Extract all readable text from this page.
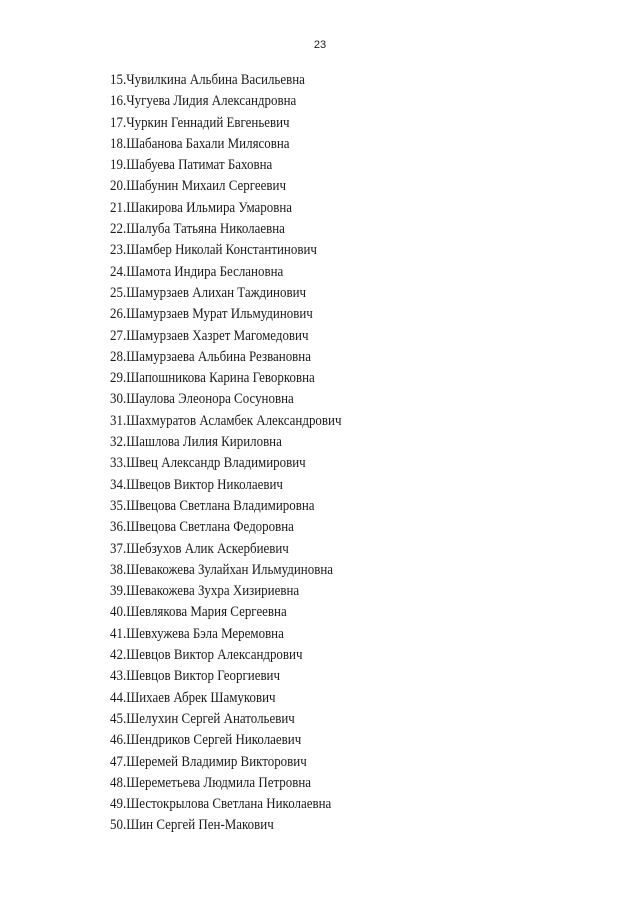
23
15.Чувилкина Альбина Васильевна
16.Чугуева Лидия Александровна
17.Чуркин Геннадий Евгеньевич
18.Шабанова Бахали Милясовна
19.Шабуева Патимат Баховна
20.Шабунин Михаил Сергеевич
21.Шакирова Ильмира Умаровна
22.Шалуба Татьяна Николаевна
23.Шамбер Николай Константинович
24.Шамота Индира Беслановна
25.Шамурзаев Алихан Таждинович
26.Шамурзаев Мурат Ильмудинович
27.Шамурзаев Хазрет Магомедович
28.Шамурзаева Альбина Резвановна
29.Шапошникова Карина Геворковна
30.Шаулова Элеонора Сосуновна
31.Шахмуратов Асламбек Александрович
32.Шашлова Лилия Кириловна
33.Швец Александр Владимирович
34.Швецов Виктор Николаевич
35.Швецова Светлана Владимировна
36.Швецова Светлана Федоровна
37.Шебзухов Алик Аскербиевич
38.Шевакожева Зулайхан Ильмудиновна
39.Шевакожева Зухра Хизириевна
40.Шевлякова Мария Сергеевна
41.Шевхужева Бэла Меремовна
42.Шевцов Виктор Александрович
43.Шевцов Виктор Георгиевич
44.Шихаев Абрек Шамукович
45.Шелухин Сергей Анатольевич
46.Шендриков Сергей Николаевич
47.Шеремей Владимир Викторович
48.Шереметьева Людмила Петровна
49.Шестокрылова Светлана Николаевна
50.Шин Сергей Пен-Макович
